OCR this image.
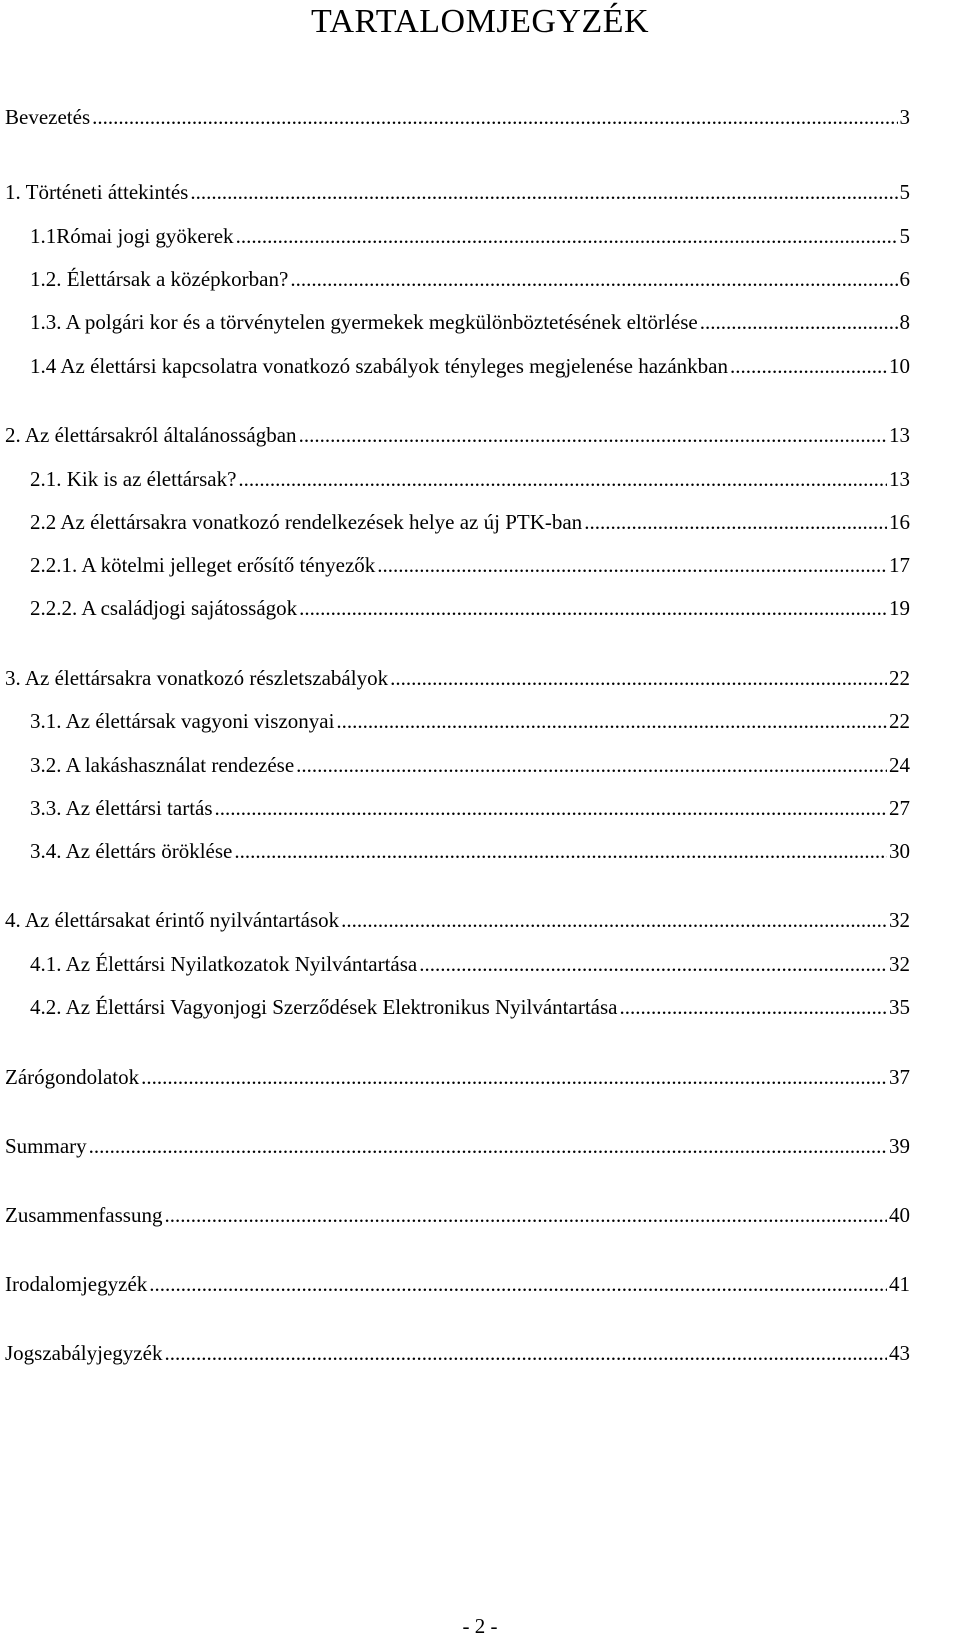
TARTALOMJEGYZÉK
Bevezetés .....	3
1. Történeti áttekintés .....	5
1.1Római jogi gyökerek .....	5
1.2. Élettársak a középkorban? .....	6
1.3. A polgári kor és a törvénytelen gyermekek megkülönböztetésének eltörlése .....	8
1.4 Az élettársi kapcsolatra vonatkozó szabályok tényleges megjelenése hazánkban .....	10
2. Az élettársakról általánosságban .....	13
2.1. Kik is az élettársak? .....	13
2.2 Az élettársakra vonatkozó rendelkezések helye az új PTK-ban .....	16
2.2.1. A kötelmi jelleget erősítő tényezők .....	17
2.2.2. A családjogi sajátosságok .....	19
3. Az élettársakra vonatkozó részletszabályok .....	22
3.1. Az élettársak vagyoni viszonyai .....	22
3.2. A lakáshasználat rendezése .....	24
3.3. Az élettársi tartás .....	27
3.4. Az élettárs öröklése .....	30
4. Az élettársakat érintő nyilvántartások .....	32
4.1. Az Élettársi Nyilatkozatok Nyilvántartása .....	32
4.2. Az Élettársi Vagyonjogi Szerződések Elektronikus Nyilvántartása .....	35
Zárógondolatok .....	37
Summary .....	39
Zusammenfassung .....	40
Irodalomjegyzék .....	41
Jogszabályjegyzék .....	43
- 2 -
